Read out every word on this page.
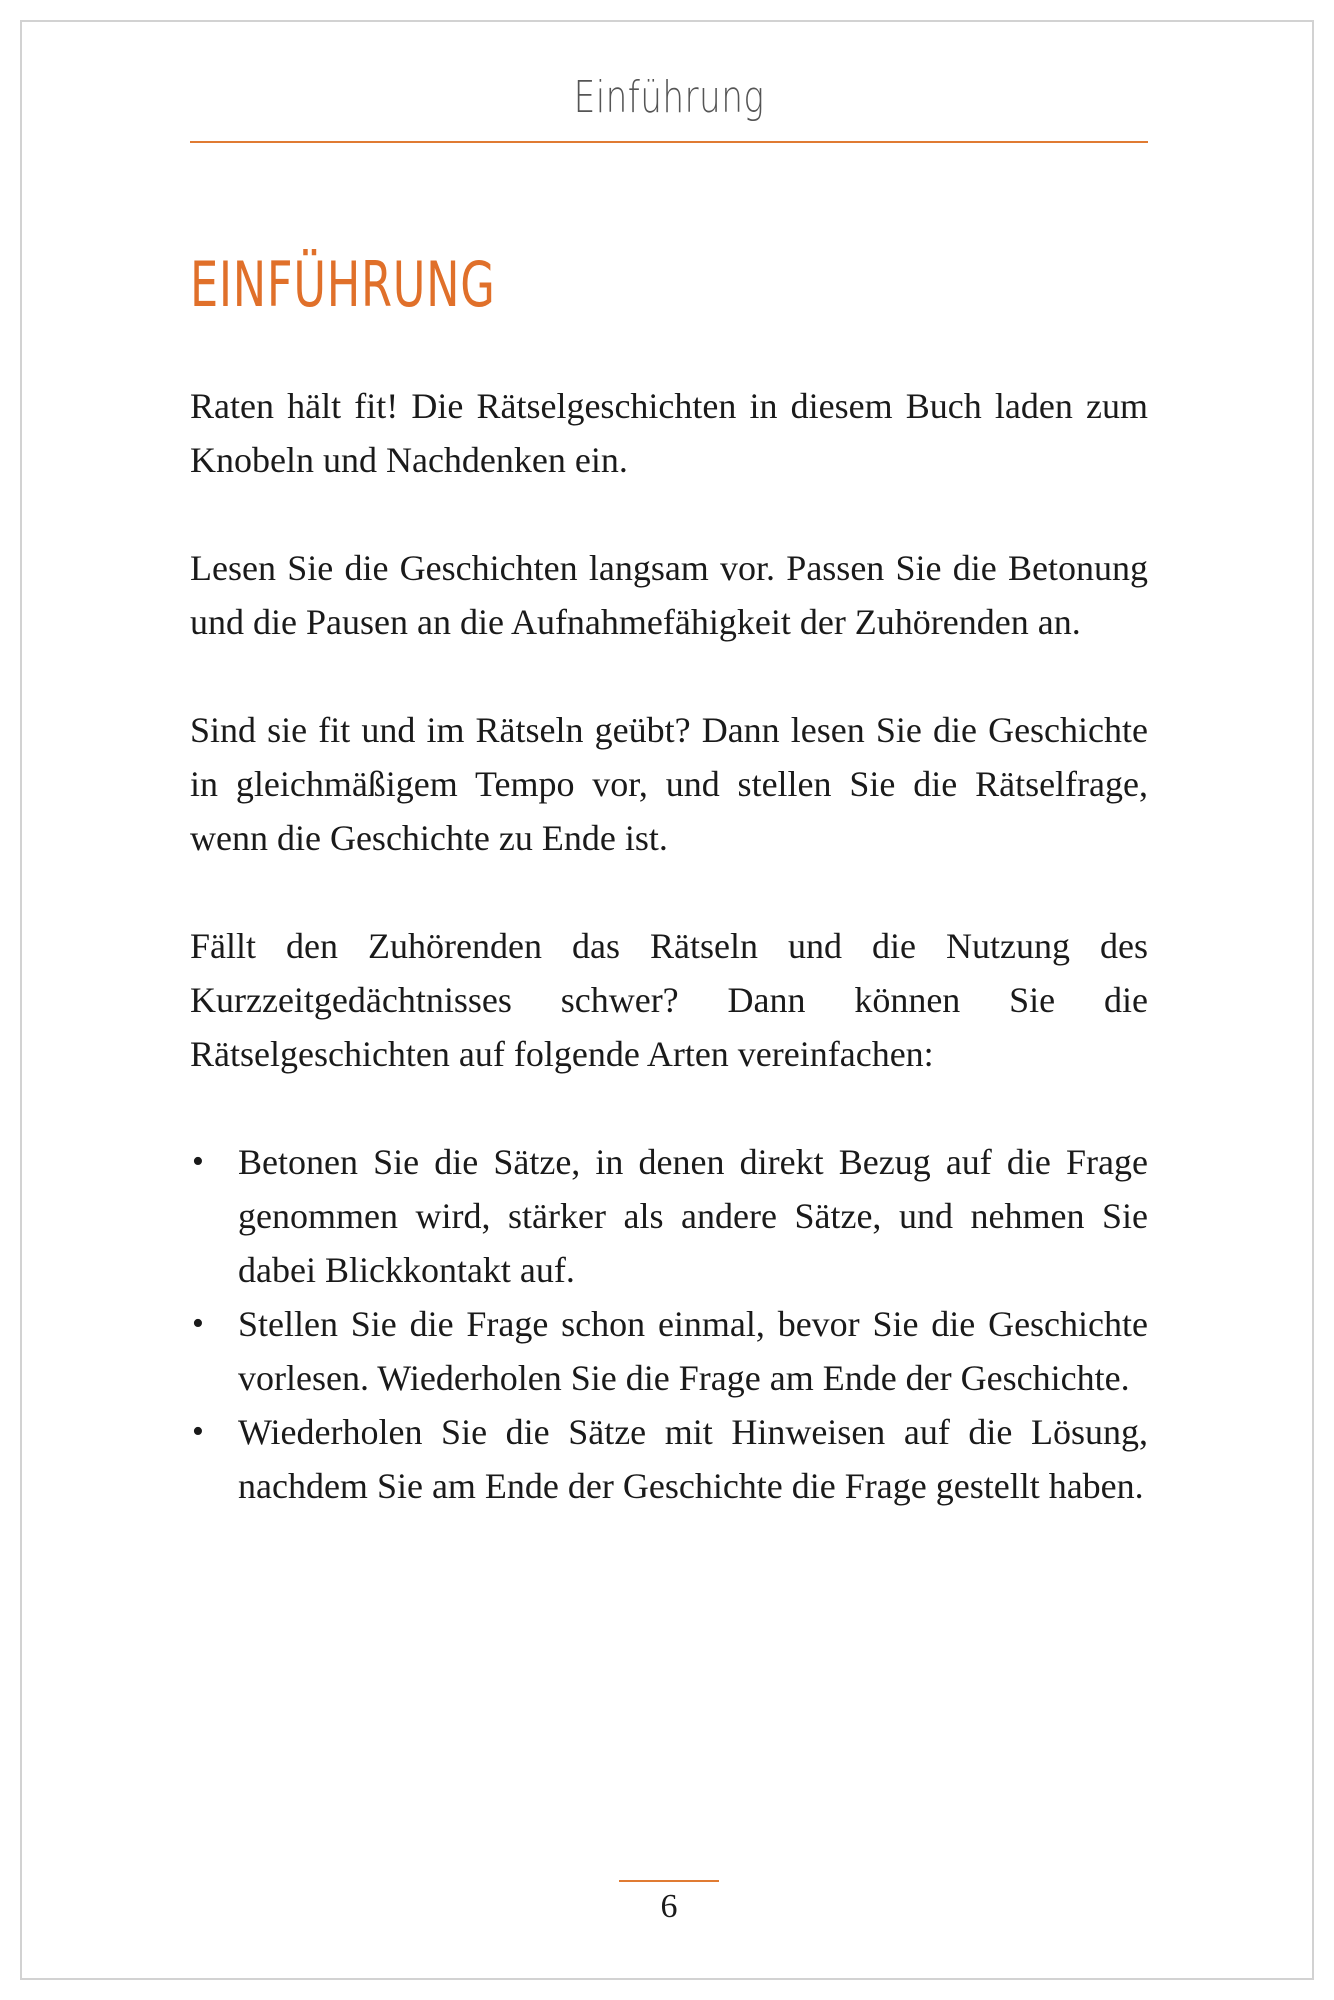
Einführung
EINFÜHRUNG

Raten hält fit! Die Rätselgeschichten in diesem Buch laden zum Knobeln und Nachdenken ein.

Lesen Sie die Geschichten langsam vor. Passen Sie die Betonung und die Pausen an die Aufnahmefähigkeit der Zuhörenden an.

Sind sie fit und im Rätseln geübt? Dann lesen Sie die Geschichte in gleichmäßigem Tempo vor, und stellen Sie die Rätselfrage, wenn die Geschichte zu Ende ist.

Fällt den Zuhörenden das Rätseln und die Nutzung des Kurzzeitgedächtnisses schwer? Dann können Sie die Rätselgeschichten auf folgende Arten vereinfachen:

• Betonen Sie die Sätze, in denen direkt Bezug auf die Frage genommen wird, stärker als andere Sätze, und nehmen Sie dabei Blickkontakt auf.
• Stellen Sie die Frage schon einmal, bevor Sie die Geschichte vorlesen. Wiederholen Sie die Frage am Ende der Geschichte.
• Wiederholen Sie die Sätze mit Hinweisen auf die Lösung, nachdem Sie am Ende der Geschichte die Frage gestellt haben.
6
